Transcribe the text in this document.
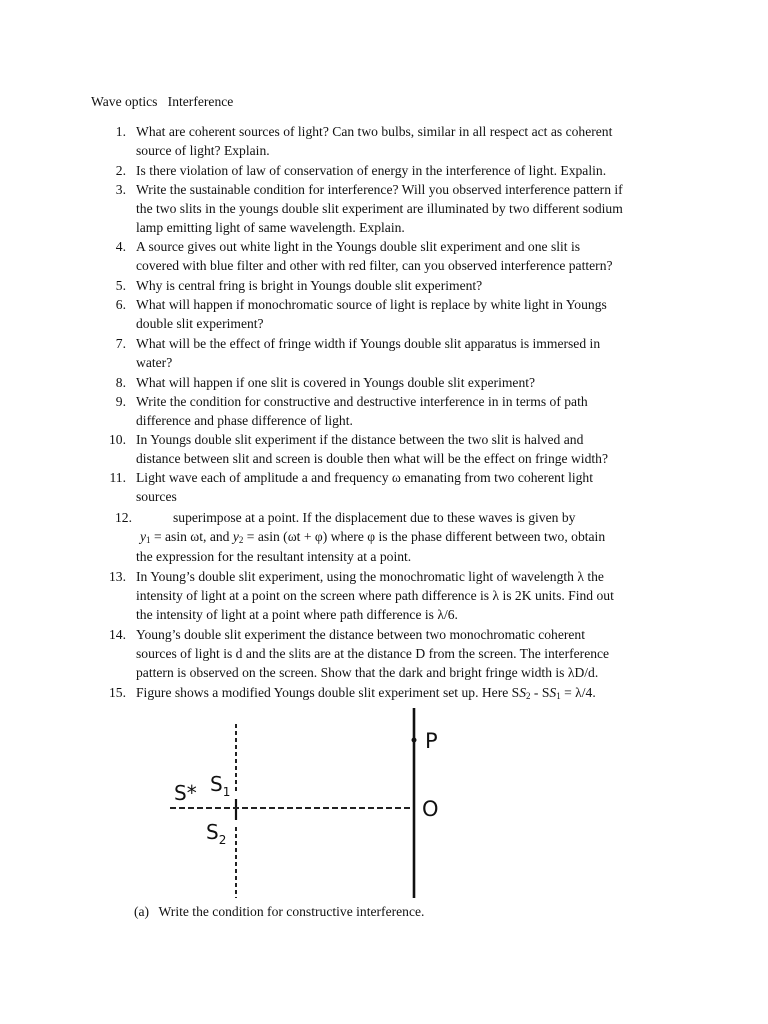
Wave optics   Interference
1. What are coherent sources of light? Can two bulbs, similar in all respect act as coherent
source of light? Explain.
2. Is there violation of law of conservation of energy in the interference of light. Expalin.
3. Write the sustainable condition for interference? Will you observed interference pattern if
the two slits in the youngs double slit experiment are illuminated by two different sodium
lamp emitting light of same wavelength. Explain.
4. A source gives out white light in the Youngs double slit experiment and one slit is
covered with blue filter and other with red filter, can you observed interference pattern?
5. Why is central fring is bright in Youngs double slit experiment?
6. What will happen if monochromatic source of light is replace by white light in Youngs
double slit experiment?
7. What will be the effect of fringe width if Youngs double slit apparatus is immersed in
water?
8. What will happen if one slit is covered in Youngs double slit experiment?
9. Write the condition for constructive and destructive interference in in terms of path
difference and phase difference of light.
10. In Youngs double slit experiment if the distance between the two slit is halved and
distance between slit and screen is double then what will be the effect on fringe width?
11. Light wave each of amplitude a and frequency ω emanating from two coherent light
sources
12.	superimpose at a point. If the displacement due to these waves is given by
$y_1 = asin$ ωt, and $y_2 = asin$ (ωt + φ) where φ is the phase different between two, obtain
the expression for the resultant intensity at a point.
13. In Young’s double slit experiment, using the monochromatic light of wavelength λ the
intensity of light at a point on the screen where path difference is λ is 2K units. Find out
the intensity of light at a point where path difference is λ/6.
14. Young’s double slit experiment the distance between two monochromatic coherent
sources of light is d and the slits are at the distance D from the screen. The interference
pattern is observed on the screen. Show that the dark and bright fringe width is λD/d.
15. Figure shows a modified Youngs double slit experiment set up. Here $SS_2 - SS_1 = \lambda/4$.
S* $S_1$
$S_2$
P
O
(a) Write the condition for constructive interference.
